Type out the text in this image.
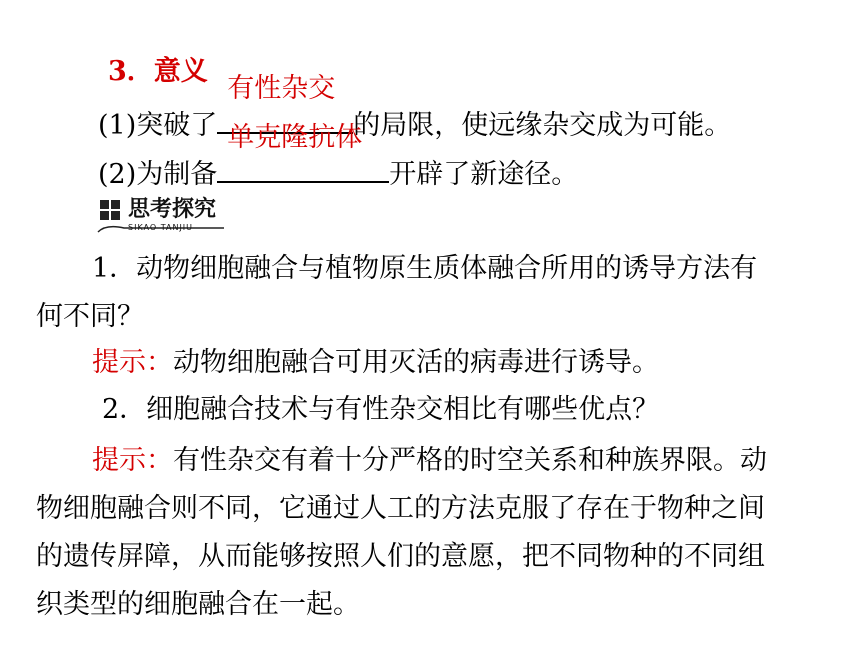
3．意义
(1)突破了
有性杂交
的局限，使远缘杂交成为可能。
(2)为制备
单克隆抗体
开辟了新途径。
思考探究
SIKAO TANJIU
1．动物细胞融合与植物原生质体融合所用的诱导方法有
何不同？
提示：动物细胞融合可用灭活的病毒进行诱导。
2．细胞融合技术与有性杂交相比有哪些优点？
提示：有性杂交有着十分严格的时空关系和种族界限。动
物细胞融合则不同，它通过人工的方法克服了存在于物种之间
的遗传屏障，从而能够按照人们的意愿，把不同物种的不同组
织类型的细胞融合在一起。
